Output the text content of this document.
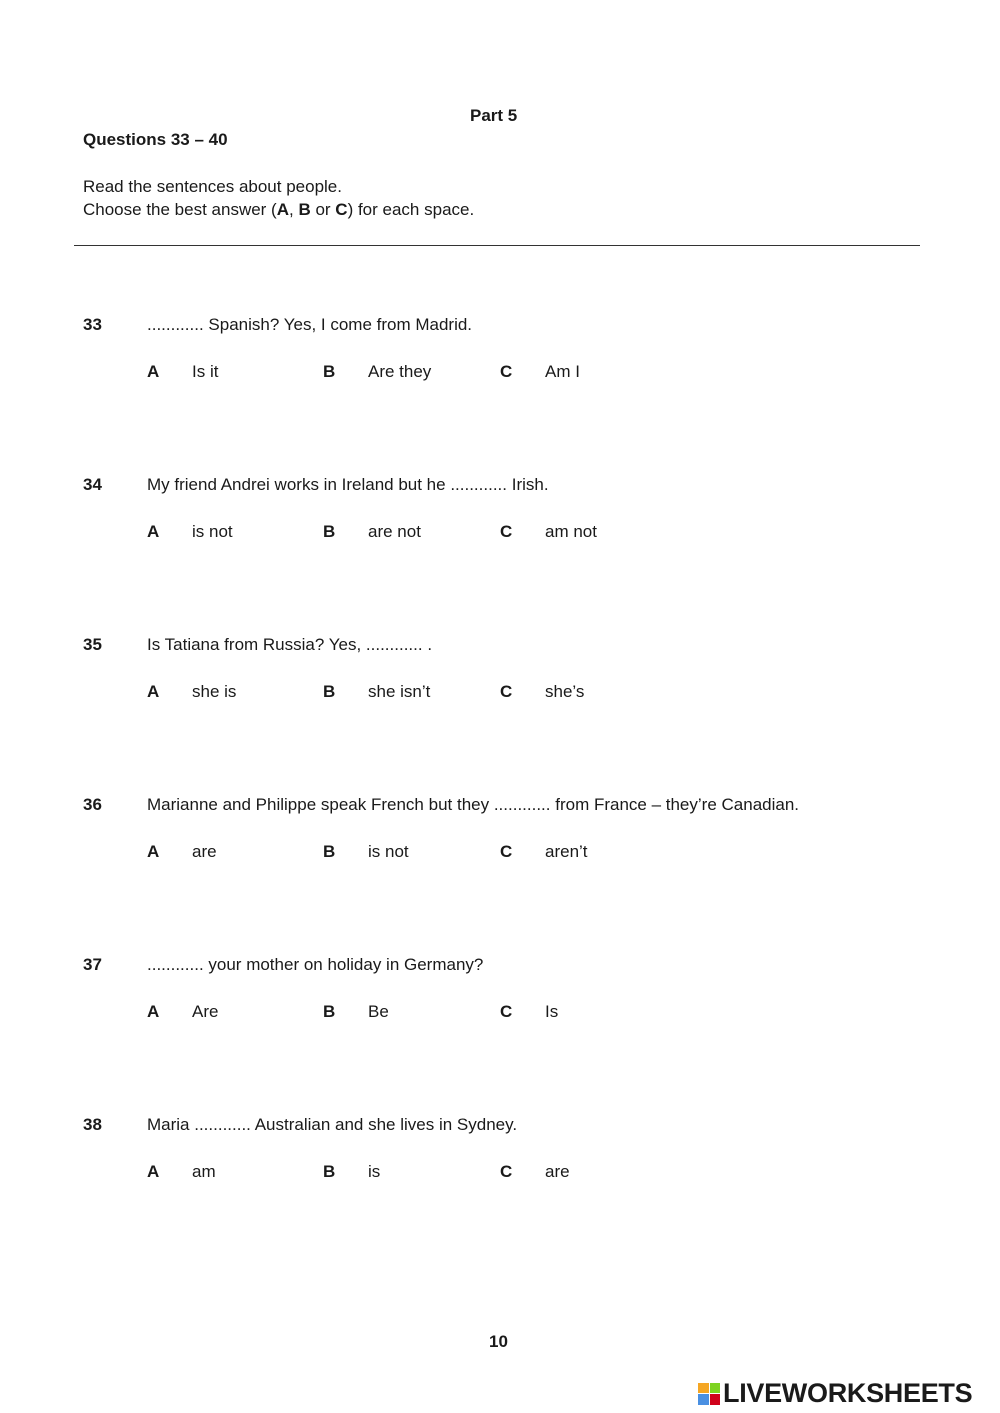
Part 5
Questions 33 – 40
Read the sentences about people.
Choose the best answer (A, B or C) for each space.
33	............ Spanish? Yes, I come from Madrid.
A Is it	B Are they	C Am I
34	My friend Andrei works in Ireland but he ............ Irish.
A is not	B are not	C am not
35	Is Tatiana from Russia? Yes, ............ .
A she is	B she isn’t	C she’s
36	Marianne and Philippe speak French but they ............ from France – they’re Canadian.
A are	B is not	C aren’t
37	............ your mother on holiday in Germany?
A Are	B Be	C Is
38	Maria ............ Australian and she lives in Sydney.
A am	B is	C are
10
LIVEWORKSHEETS
